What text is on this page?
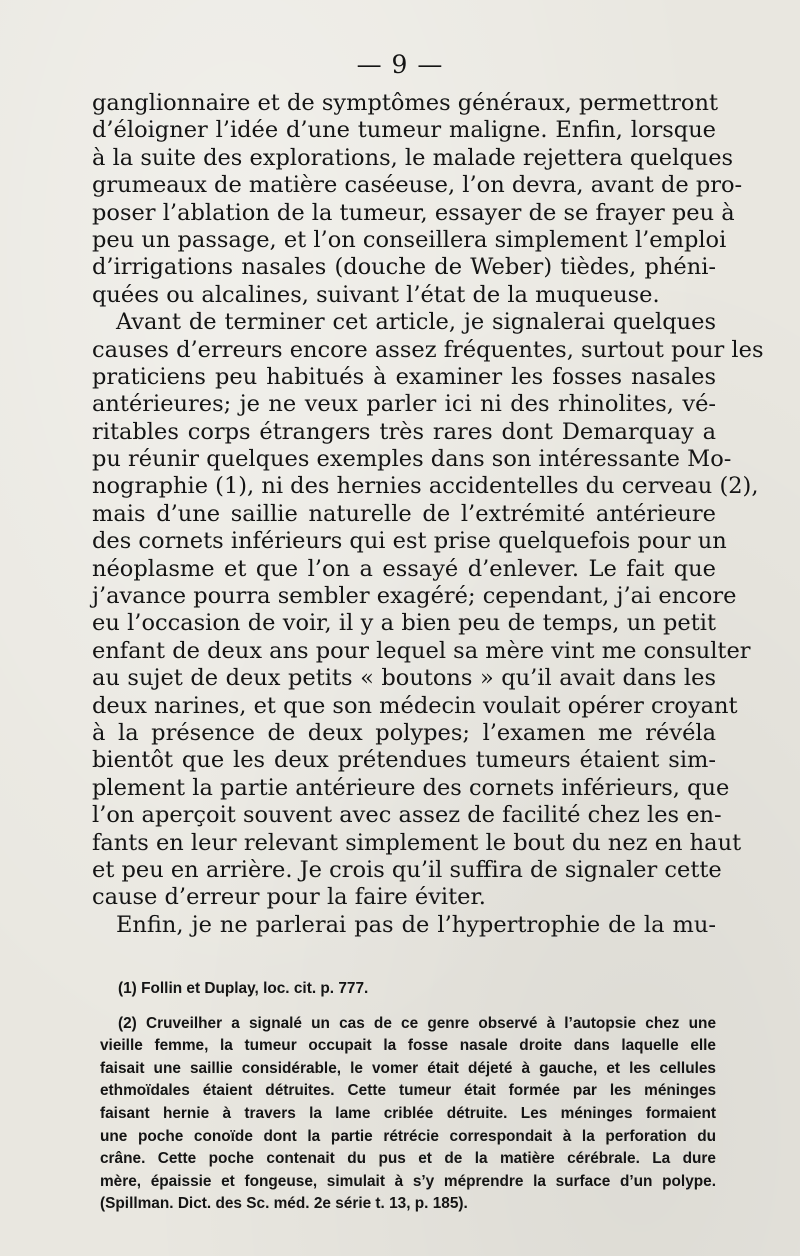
— 9 —
ganglionnaire et de symptômes généraux, permettront
d’éloigner l’idée d’une tumeur maligne. Enfin, lorsque
à la suite des explorations, le malade rejettera quelques
grumeaux de matière caséeuse, l’on devra, avant de pro-
poser l’ablation de la tumeur, essayer de se frayer peu à
peu un passage, et l’on conseillera simplement l’emploi
d’irrigations nasales (douche de Weber) tièdes, phéni-
quées ou alcalines, suivant l’état de la muqueuse.
Avant de terminer cet article, je signalerai quelques
causes d’erreurs encore assez fréquentes, surtout pour les
praticiens peu habitués à examiner les fosses nasales
antérieures; je ne veux parler ici ni des rhinolites, vé-
ritables corps étrangers très rares dont Demarquay a
pu réunir quelques exemples dans son intéressante Mo-
nographie (1), ni des hernies accidentelles du cerveau (2),
mais d’une saillie naturelle de l’extrémité antérieure
des cornets inférieurs qui est prise quelquefois pour un
néoplasme et que l’on a essayé d’enlever. Le fait que
j’avance pourra sembler exagéré; cependant, j’ai encore
eu l’occasion de voir, il y a bien peu de temps, un petit
enfant de deux ans pour lequel sa mère vint me consulter
au sujet de deux petits « boutons » qu’il avait dans les
deux narines, et que son médecin voulait opérer croyant
à la présence de deux polypes; l’examen me révéla
bientôt que les deux prétendues tumeurs étaient sim-
plement la partie antérieure des cornets inférieurs, que
l’on aperçoit souvent avec assez de facilité chez les en-
fants en leur relevant simplement le bout du nez en haut
et peu en arrière. Je crois qu’il suffira de signaler cette
cause d’erreur pour la faire éviter.
Enfin, je ne parlerai pas de l’hypertrophie de la mu-
(1) Follin et Duplay, loc. cit. p. 777.
(2) Cruveilher a signalé un cas de ce genre observé à l’autopsie chez une
vieille femme, la tumeur occupait la fosse nasale droite dans laquelle elle
faisait une saillie considérable, le vomer était déjeté à gauche, et les cellules
ethmoïdales étaient détruites. Cette tumeur était formée par les méninges
faisant hernie à travers la lame criblée détruite. Les méninges formaient
une poche conoïde dont la partie rétrécie correspondait à la perforation du
crâne. Cette poche contenait du pus et de la matière cérébrale. La dure
mère, épaissie et fongeuse, simulait à s’y méprendre la surface d’un polype.
(Spillman. Dict. des Sc. méd. 2e série t. 13, p. 185).
